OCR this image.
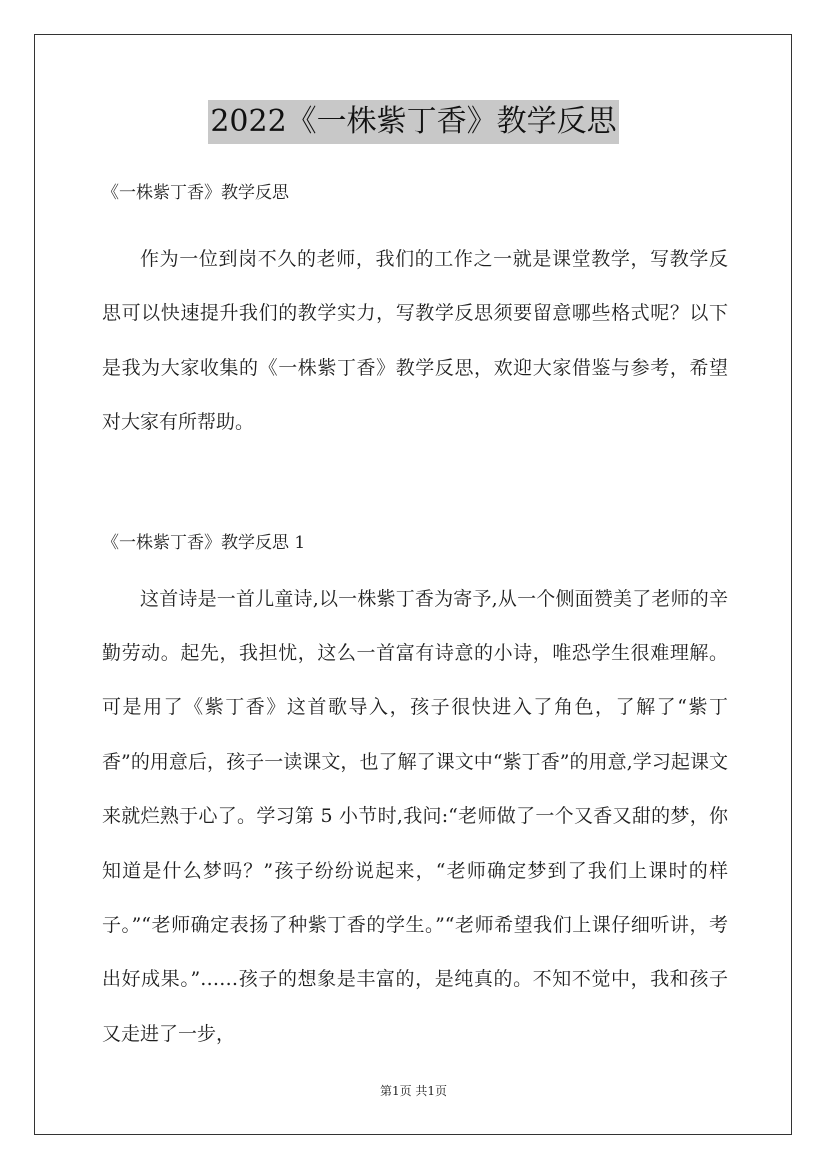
2022《一株紫丁香》教学反思

《一株紫丁香》教学反思

作为一位到岗不久的老师，我们的工作之一就是课堂教学，写教学反思可以快速提升我们的教学实力，写教学反思须要留意哪些格式呢？以下是我为大家收集的《一株紫丁香》教学反思，欢迎大家借鉴与参考，希望对大家有所帮助。

《一株紫丁香》教学反思 1

这首诗是一首儿童诗,以一株紫丁香为寄予,从一个侧面赞美了老师的辛勤劳动。起先，我担忧，这么一首富有诗意的小诗，唯恐学生很难理解。可是用了《紫丁香》这首歌导入，孩子很快进入了角色，了解了“紫丁香”的用意后，孩子一读课文，也了解了课文中“紫丁香”的用意,学习起课文来就烂熟于心了。学习第 5 小节时,我问:“老师做了一个又香又甜的梦，你知道是什么梦吗？”孩子纷纷说起来，“老师确定梦到了我们上课时的样子。”“老师确定表扬了种紫丁香的学生。”“老师希望我们上课仔细听讲，考出好成果。”……孩子的想象是丰富的，是纯真的。不知不觉中，我和孩子又走进了一步，

第1页 共1页
